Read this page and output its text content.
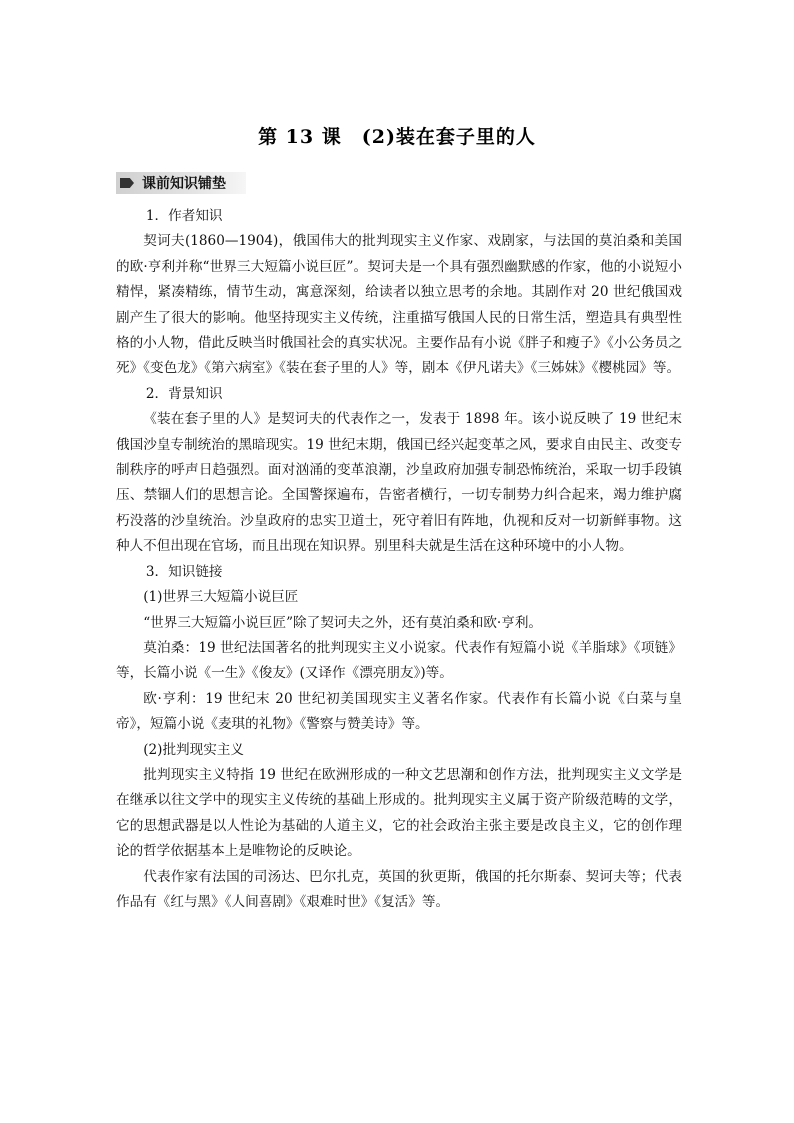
第 13 课　(2)装在套子里的人
课前知识铺垫

1．作者知识

契诃夫(1860—1904)，俄国伟大的批判现实主义作家、戏剧家，与法国的莫泊桑和美国的欧·亨利并称“世界三大短篇小说巨匠”。契诃夫是一个具有强烈幽默感的作家，他的小说短小精悍，紧凑精练，情节生动，寓意深刻，给读者以独立思考的余地。其剧作对 20 世纪俄国戏剧产生了很大的影响。他坚持现实主义传统，注重描写俄国人民的日常生活，塑造具有典型性格的小人物，借此反映当时俄国社会的真实状况。主要作品有小说《胖子和瘦子》《小公务员之死》《变色龙》《第六病室》《装在套子里的人》等，剧本《伊凡诺夫》《三姊妹》《樱桃园》等。

2．背景知识

《装在套子里的人》是契诃夫的代表作之一，发表于 1898 年。该小说反映了 19 世纪末俄国沙皇专制统治的黑暗现实。19 世纪末期，俄国已经兴起变革之风，要求自由民主、改变专制秩序的呼声日趋强烈。面对汹涌的变革浪潮，沙皇政府加强专制恐怖统治，采取一切手段镇压、禁锢人们的思想言论。全国警探遍布，告密者横行，一切专制势力纠合起来，竭力维护腐朽没落的沙皇统治。沙皇政府的忠实卫道士，死守着旧有阵地，仇视和反对一切新鲜事物。这种人不但出现在官场，而且出现在知识界。别里科夫就是生活在这种环境中的小人物。

3．知识链接

(1)世界三大短篇小说巨匠

“世界三大短篇小说巨匠”除了契诃夫之外，还有莫泊桑和欧·亨利。

莫泊桑：19 世纪法国著名的批判现实主义小说家。代表作有短篇小说《羊脂球》《项链》等，长篇小说《一生》《俊友》(又译作《漂亮朋友》)等。

欧·亨利：19 世纪末 20 世纪初美国现实主义著名作家。代表作有长篇小说《白菜与皇帝》，短篇小说《麦琪的礼物》《警察与赞美诗》等。

(2)批判现实主义

批判现实主义特指 19 世纪在欧洲形成的一种文艺思潮和创作方法，批判现实主义文学是在继承以往文学中的现实主义传统的基础上形成的。批判现实主义属于资产阶级范畴的文学，它的思想武器是以人性论为基础的人道主义，它的社会政治主张主要是改良主义，它的创作理论的哲学依据基本上是唯物论的反映论。

代表作家有法国的司汤达、巴尔扎克，英国的狄更斯，俄国的托尔斯泰、契诃夫等；代表作品有《红与黑》《人间喜剧》《艰难时世》《复活》等。
